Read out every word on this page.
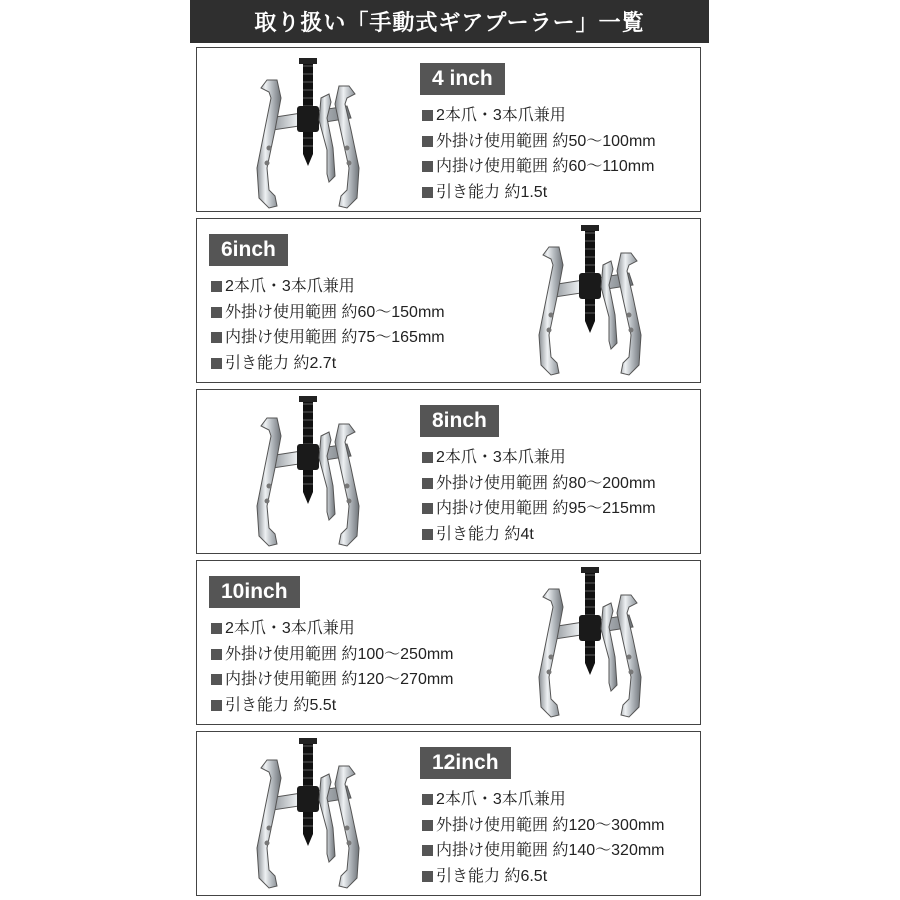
取り扱い「手動式ギアプーラー」一覧
4 inch
2本爪・3本爪兼用
外掛け使用範囲 約50〜100mm
内掛け使用範囲 約60〜110mm
引き能力 約1.5t
6inch
2本爪・3本爪兼用
外掛け使用範囲 約60〜150mm
内掛け使用範囲 約75〜165mm
引き能力 約2.7t
8inch
2本爪・3本爪兼用
外掛け使用範囲 約80〜200mm
内掛け使用範囲 約95〜215mm
引き能力 約4t
10inch
2本爪・3本爪兼用
外掛け使用範囲 約100〜250mm
内掛け使用範囲 約120〜270mm
引き能力 約5.5t
12inch
2本爪・3本爪兼用
外掛け使用範囲 約120〜300mm
内掛け使用範囲 約140〜320mm
引き能力 約6.5t
